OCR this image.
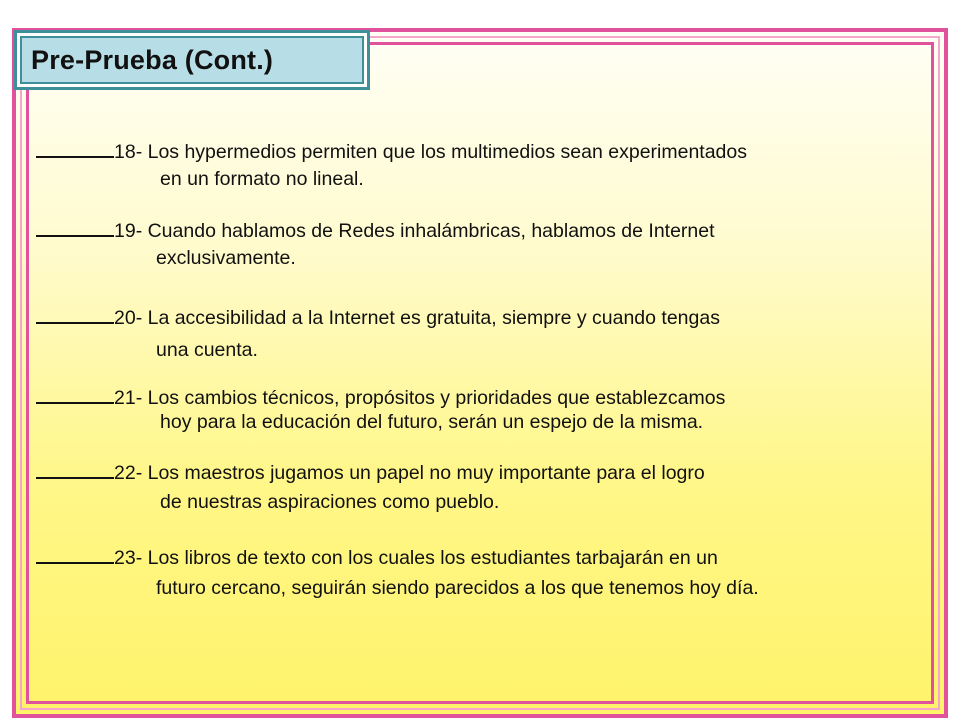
Pre-Prueba (Cont.)
18- Los hypermedios permiten que los multimedios sean experimentados
en un formato no lineal.
19- Cuando hablamos de Redes inhalámbricas, hablamos de Internet
exclusivamente.
20- La accesibilidad a la Internet es gratuita, siempre y cuando tengas
una cuenta.
21- Los cambios técnicos, propósitos y prioridades que establezcamos
hoy para la educación del futuro, serán un espejo de la misma.
22- Los maestros jugamos un papel no muy importante para el logro
de nuestras aspiraciones como pueblo.
23- Los libros de texto con los cuales los estudiantes tarbajarán en un
futuro cercano, seguirán siendo parecidos a los que tenemos hoy día.
